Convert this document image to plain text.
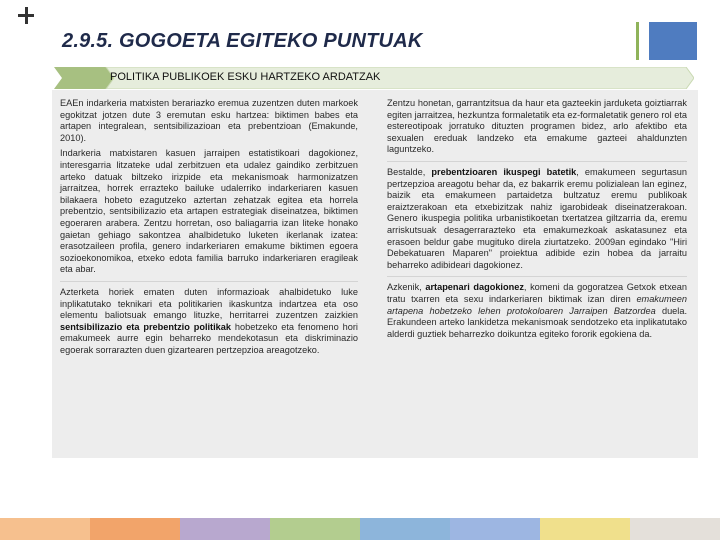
2.9.5. GOGOETA EGITEKO PUNTUAK
POLITIKA PUBLIKOEK ESKU HARTZEKO ARDATZAK

EAEn indarkeria matxisten berariazko eremua zuzentzen duten markoek egokitzat jotzen dute 3 eremutan esku hartzea: biktimen babes eta artapen integralean, sentsibilizazioan eta prebentzioan (Emakunde, 2010).

Indarkeria matxistaren kasuen jarraipen estatistikoari dagokionez, interesgarria litzateke udal zerbitzuen eta udalez gaindiko zerbitzuen arteko datuak biltzeko irizpide eta mekanismoak harmonizatzen jarraitzea, horrek errazteko bailuke udalerriko indarkeriaren kasuen bilakaera hobeto ezagutzeko aztertan zehatzak egitea eta horrela prebentzio, sentsibilizazio eta artapen estrategiak diseinatzea, biktimen egoeraren arabera. Zentzu horretan, oso baliagarria izan liteke honako gaietan gehiago sakontzea ahalbidetuko luketen ikerlanak izatea: erasotzaileen profila, genero indarkeriaren emakume biktimen egoera sozioekonomikoa, etxeko edota familia barruko indarkeriaren eragileak eta abar.

Azterketa horiek ematen duten informazioak ahalbidetuko luke inplikatutako teknikari eta politikarien ikaskuntza indartzea eta oso elementu baliotsuak emango lituzke, herritarrei zuzentzen zaizkien sentsibilizazio eta prebentzio politikak hobetzeko eta fenomeno hori emakumeek aurre egin beharreko mendekotasun eta diskriminazio egoerak sorrarazten duen gizartearen pertzepzioa areagotzeko.

Zentzu honetan, garrantzitsua da haur eta gazteekin jarduketa goiztiarrak egiten jarraitzea, hezkuntza formaletatik eta ez-formaletatik genero rol eta estereotipoak jorratuko dituzten programen bidez, arlo afektibo eta sexualen ereduak landzeko eta emakume gazteei ahaldunzten laguntzeko.

Bestalde, prebentzioaren ikuspegi batetik, emakumeen segurtasun pertzepzioa areagotu behar da, ez bakarrik eremu polizialean lan eginez, baizik eta emakumeen partaidetza bultzatuz eremu publikoak eraiztzerakoan eta etxebizitzak nahiz igarobideak diseinatzerakoan. Genero ikuspegia politika urbanistikoetan txertatzea giltzarria da, eremu arriskutsuak desagerrarazteko eta emakumezkoak askatasunez eta erasoen beldur gabe mugituko direla ziurtatzeko. 2009an egindako "Hiri Debekatuaren Maparen" proiektua adibide ezin hobea da jarraitu beharreko adibideari dagokionez.

Azkenik, artapenari dagokionez, komeni da gogoratzea Getxok etxean tratu txarren eta sexu indarkeriaren biktimak izan diren emakumeen artapena hobetzeko lehen protokoloaren Jarraipen Batzordea duela. Erakundeen arteko lankidetza mekanismoak sendotzeko eta inplikatutako alderdi guztiek beharrezko doikuntza egiteko fororik egokiena da.
